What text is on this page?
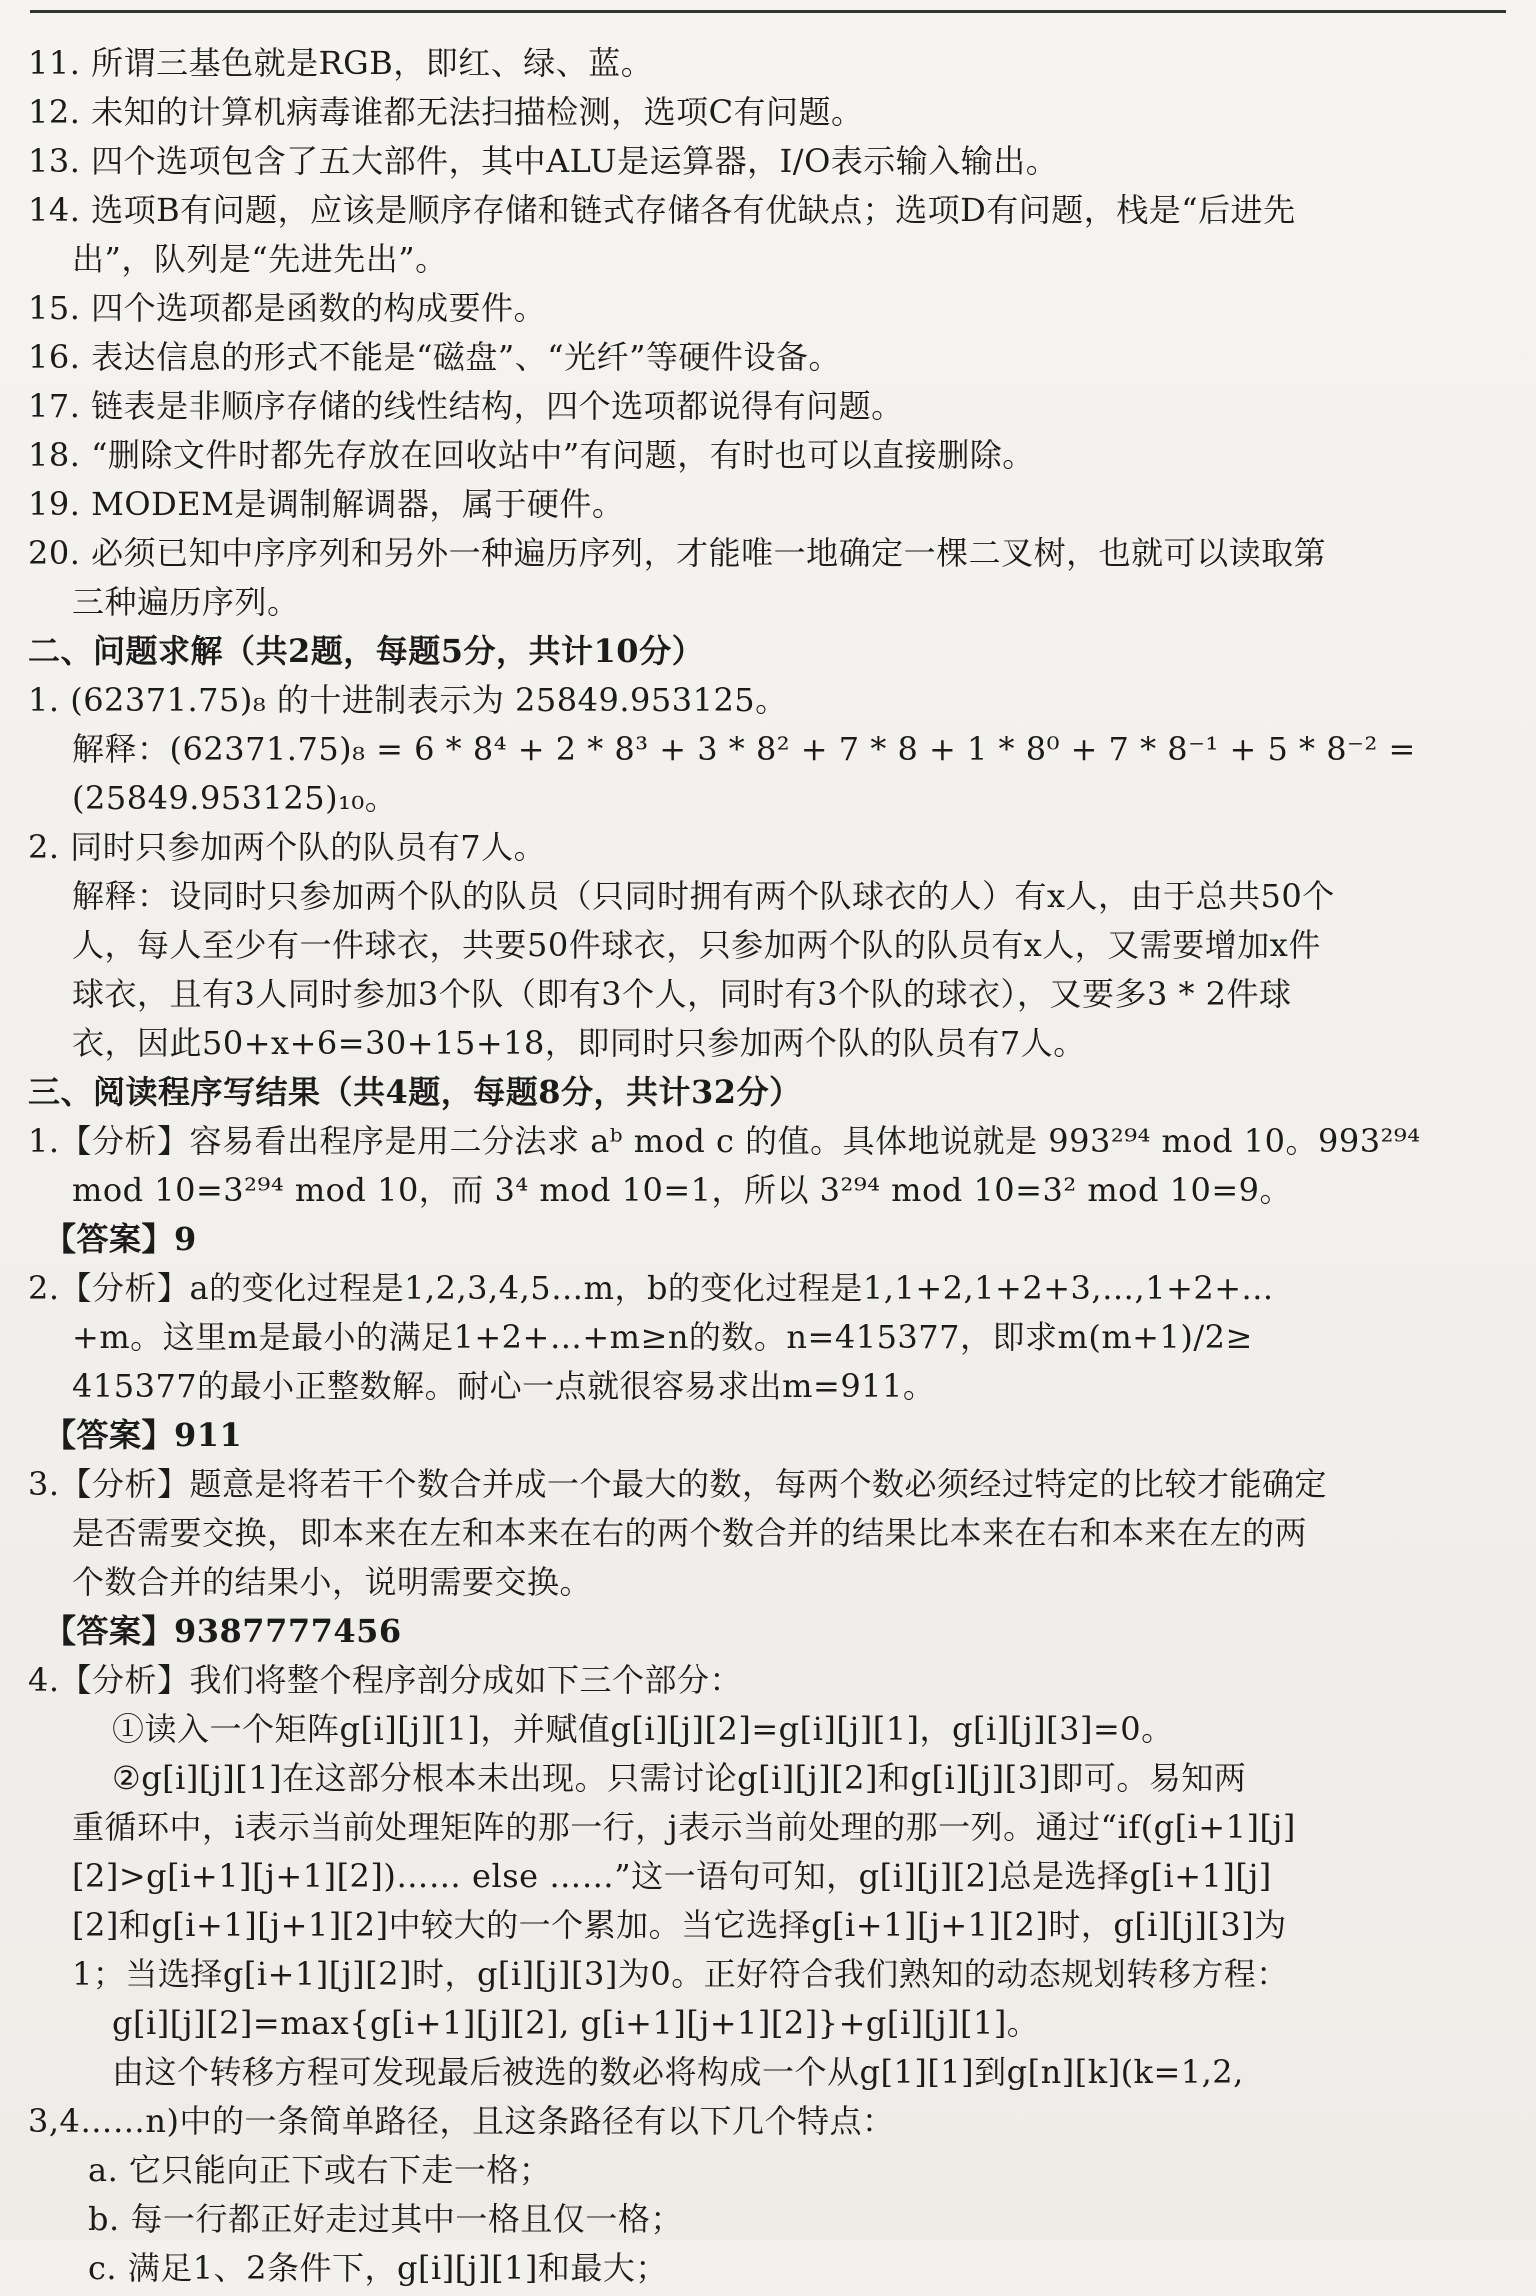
11. 所谓三基色就是RGB，即红、绿、蓝。
12. 未知的计算机病毒谁都无法扫描检测，选项C有问题。
13. 四个选项包含了五大部件，其中ALU是运算器，I/O表示输入输出。
14. 选项B有问题，应该是顺序存储和链式存储各有优缺点；选项D有问题，栈是“后进先
出”，队列是“先进先出”。
15. 四个选项都是函数的构成要件。
16. 表达信息的形式不能是“磁盘”、“光纤”等硬件设备。
17. 链表是非顺序存储的线性结构，四个选项都说得有问题。
18. “删除文件时都先存放在回收站中”有问题，有时也可以直接删除。
19. MODEM是调制解调器，属于硬件。
20. 必须已知中序序列和另外一种遍历序列，才能唯一地确定一棵二叉树，也就可以读取第
三种遍历序列。
二、问题求解（共2题，每题5分，共计10分）
1. (62371.75)₈ 的十进制表示为 25849.953125。
解释：(62371.75)₈ = 6 * 8⁴ + 2 * 8³ + 3 * 8² + 7 * 8 + 1 * 8⁰ + 7 * 8⁻¹ + 5 * 8⁻² =
(25849.953125)₁₀。
2. 同时只参加两个队的队员有7人。
解释：设同时只参加两个队的队员（只同时拥有两个队球衣的人）有x人，由于总共50个
人，每人至少有一件球衣，共要50件球衣，只参加两个队的队员有x人，又需要增加x件
球衣，且有3人同时参加3个队（即有3个人，同时有3个队的球衣），又要多3 * 2件球
衣，因此50+x+6=30+15+18，即同时只参加两个队的队员有7人。
三、阅读程序写结果（共4题，每题8分，共计32分）
1.【分析】容易看出程序是用二分法求 aᵇ mod c 的值。具体地说就是 993²⁹⁴ mod 10。993²⁹⁴
mod 10=3²⁹⁴ mod 10，而 3⁴ mod 10=1，所以 3²⁹⁴ mod 10=3² mod 10=9。
【答案】9
2.【分析】a的变化过程是1,2,3,4,5…m，b的变化过程是1,1+2,1+2+3,…,1+2+...
+m。这里m是最小的满足1+2+…+m≥n的数。n=415377，即求m(m+1)/2≥
415377的最小正整数解。耐心一点就很容易求出m=911。
【答案】911
3.【分析】题意是将若干个数合并成一个最大的数，每两个数必须经过特定的比较才能确定
是否需要交换，即本来在左和本来在右的两个数合并的结果比本来在右和本来在左的两
个数合并的结果小，说明需要交换。
【答案】9387777456
4.【分析】我们将整个程序剖分成如下三个部分：
①读入一个矩阵g[i][j][1]，并赋值g[i][j][2]=g[i][j][1]，g[i][j][3]=0。
②g[i][j][1]在这部分根本未出现。只需讨论g[i][j][2]和g[i][j][3]即可。易知两
重循环中，i表示当前处理矩阵的那一行，j表示当前处理的那一列。通过“if(g[i+1][j]
[2]>g[i+1][j+1][2])…… else ……”这一语句可知，g[i][j][2]总是选择g[i+1][j]
[2]和g[i+1][j+1][2]中较大的一个累加。当它选择g[i+1][j+1][2]时，g[i][j][3]为
1；当选择g[i+1][j][2]时，g[i][j][3]为0。正好符合我们熟知的动态规划转移方程：
g[i][j][2]=max{g[i+1][j][2], g[i+1][j+1][2]}+g[i][j][1]。
由这个转移方程可发现最后被选的数必将构成一个从g[1][1]到g[n][k](k=1,2,
3,4……n)中的一条简单路径，且这条路径有以下几个特点：
a. 它只能向正下或右下走一格；
b. 每一行都正好走过其中一格且仅一格；
c. 满足1、2条件下，g[i][j][1]和最大；
